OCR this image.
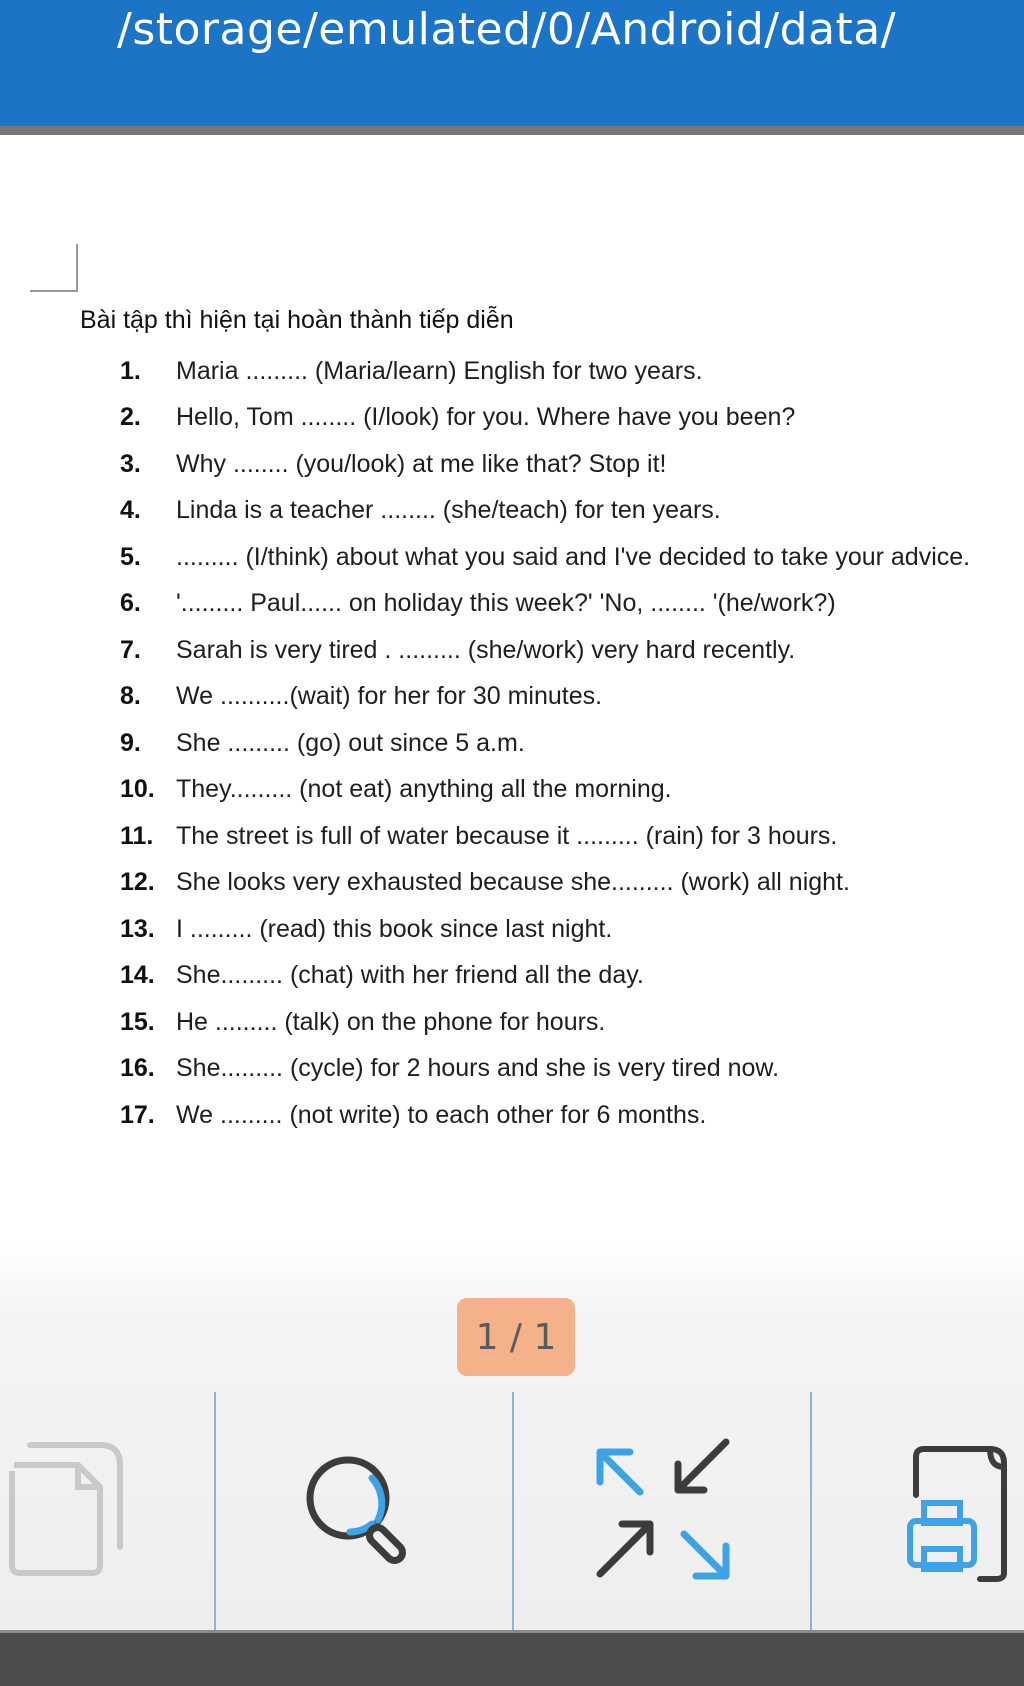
/storage/emulated/0/Android/data/
Bài tập thì hiện tại hoàn thành tiếp diễn
1.	Maria ......... (Maria/learn) English for two years.
2.	Hello, Tom ........ (I/look) for you. Where have you been?
3.	Why ........ (you/look) at me like that? Stop it!
4.	Linda is a teacher ........ (she/teach) for ten years.
5.	......... (I/think) about what you said and I've decided to take your advice.
6.	'......... Paul...... on holiday this week?' 'No, ........ '(he/work?)
7.	Sarah is very tired . ......... (she/work) very hard recently.
8.	We ..........(wait) for her for 30 minutes.
9.	She ......... (go) out since 5 a.m.
10. They......... (not eat) anything all the morning.
11. The street is full of water because it ......... (rain) for 3 hours.
12. She looks very exhausted because she......... (work) all night.
13. I ......... (read) this book since last night.
14. She......... (chat) with her friend all the day.
15. He ......... (talk) on the phone for hours.
16. She......... (cycle) for 2 hours and she is very tired now.
17. We ......... (not write) to each other for 6 months.
1 / 1
